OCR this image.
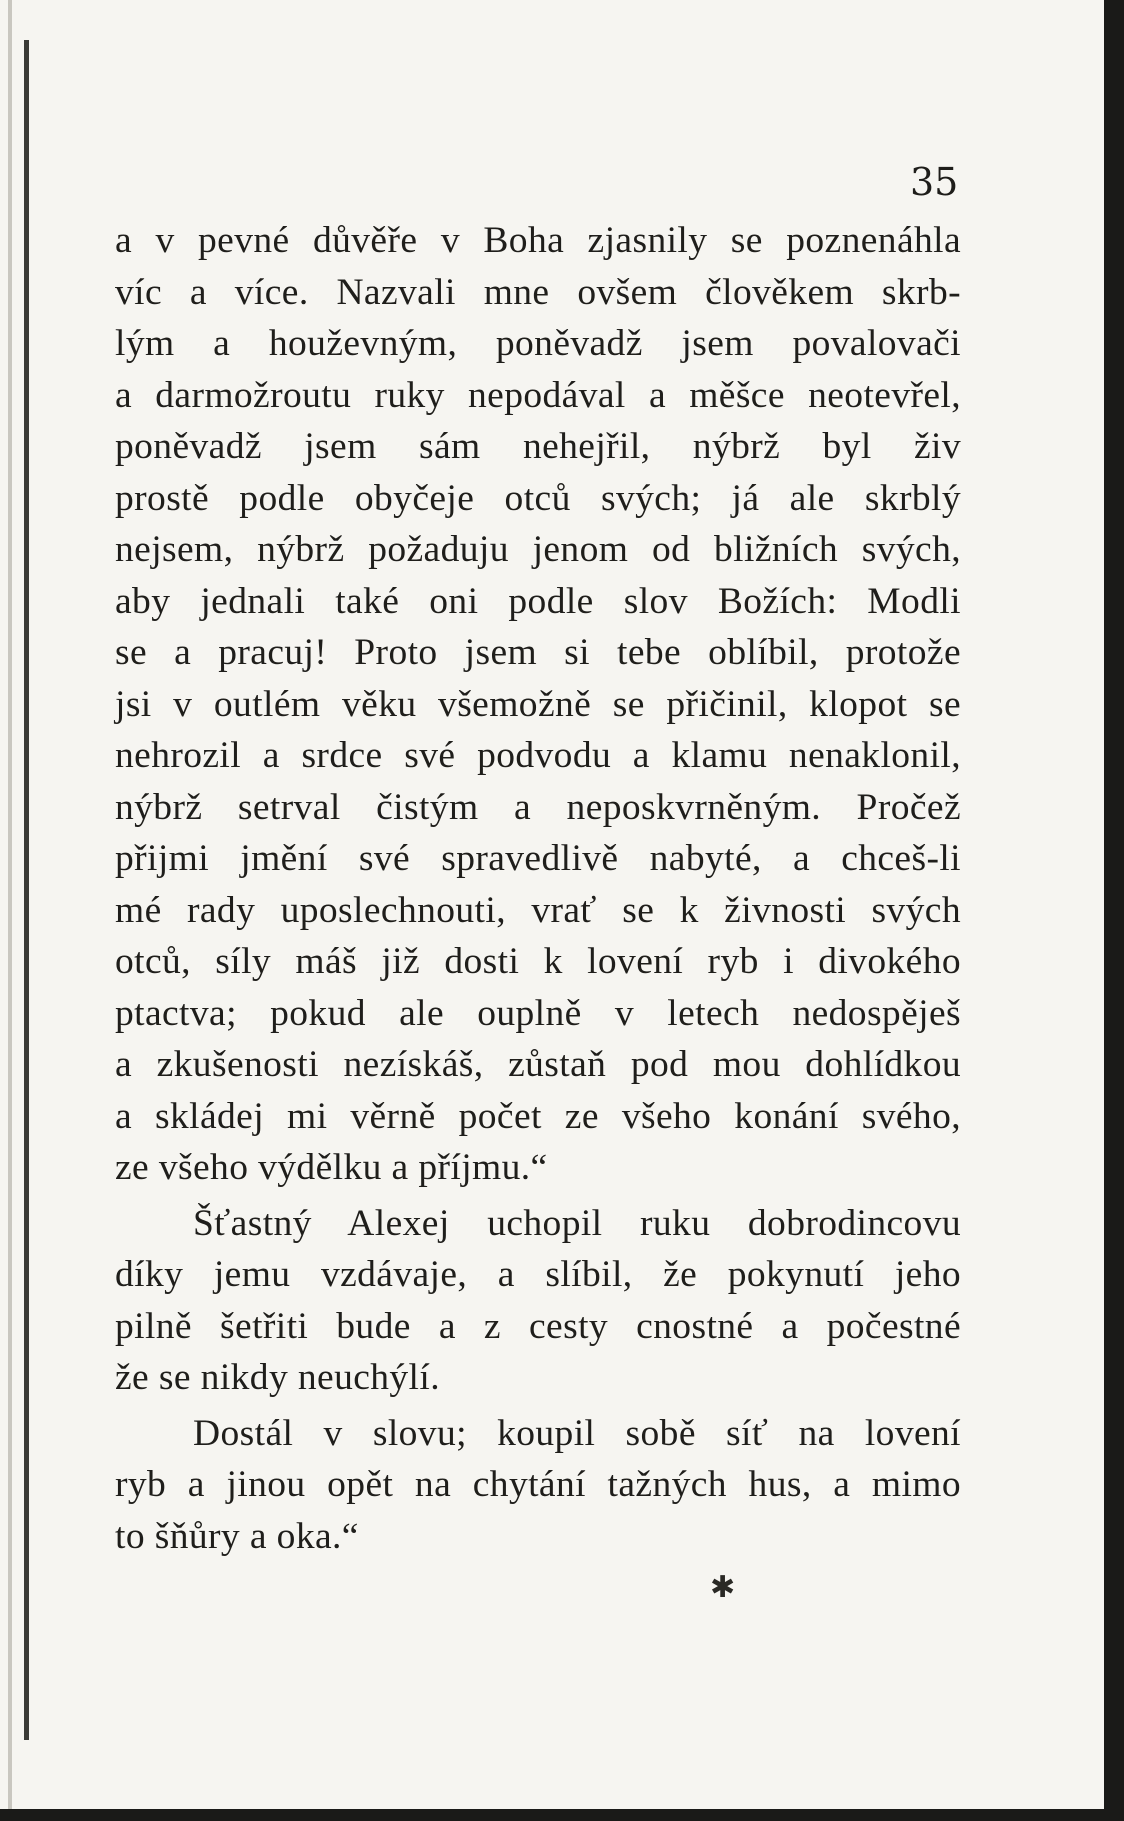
35
a v pevné důvěře v Boha zjasnily se poznenáhla
víc a více. Nazvali mne ovšem člověkem skrb-
lým a houževným, poněvadž jsem povalovači
a darmožroutu ruky nepodával a měšce neotevřel,
poněvadž jsem sám nehejřil, nýbrž byl živ
prostě podle obyčeje otců svých; já ale skrblý
nejsem, nýbrž požaduju jenom od bližních svých,
aby jednali také oni podle slov Božích: Modli
se a pracuj! Proto jsem si tebe oblíbil, protože
jsi v outlém věku všemožně se přičinil, klopot se
nehrozil a srdce své podvodu a klamu nenaklonil,
nýbrž setrval čistým a neposkvrněným. Pročež
přijmi jmění své spravedlivě nabyté, a chceš-li
mé rady uposlechnouti, vrať se k živnosti svých
otců, síly máš již dosti k lovení ryb i divokého
ptactva; pokud ale ouplně v letech nedospěješ
a zkušenosti nezískáš, zůstaň pod mou dohlídkou
a skládej mi věrně počet ze všeho konání svého,
ze všeho výdělku a příjmu.“
Šťastný Alexej uchopil ruku dobrodincovu
díky jemu vzdávaje, a slíbil, že pokynutí jeho
pilně šetřiti bude a z cesty cnostné a počestné
že se nikdy neuchýlí.
Dostál v slovu; koupil sobě síť na lovení
ryb a jinou opět na chytání tažných hus, a mimo
to šňůry a oka.“
✱
